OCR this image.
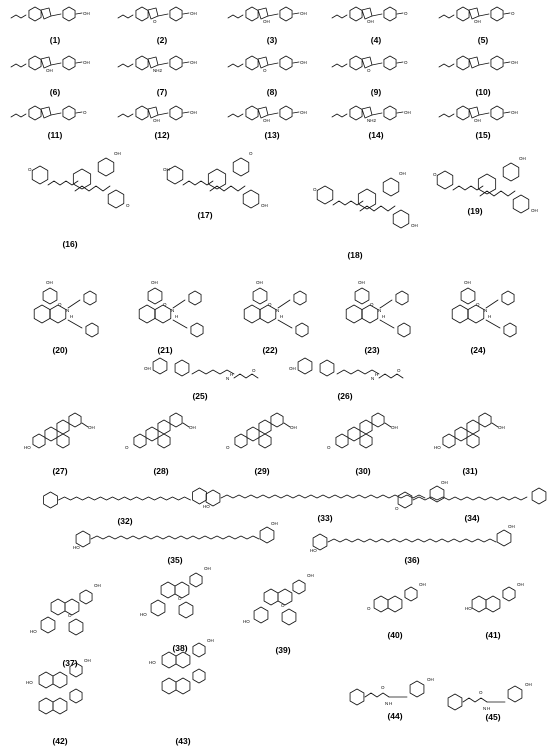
OH
(1)
OH
O
(2)
OH
OH
(3)
O
OH
(4)
O
OH
(5)
OH
OH
(6)
OH
NH2
(7)
OH
O
(8)
O
O
(9)
OH
(10)
O
(11)
OH
OH
(12)
OH
OH
(13)
OH
NH2
(14)
OH
OH
(15)
OH
O
O
(16)
O
OH
OH
(17)
OH
O
OH
(18)
OH
O
OH
(19)
OH
N
H
O
(20)
OH
N
H
O
(21)
OH
N
H
O
(22)
OH
N
H
O
(23)
OH
N
H
O
(24)
OH
N
H
O
(25)
OH
N
H
O
(26)
OH
HO
(27)
OH
O
(28)
OH
O
(29)
OH
O
(30)
OH
HO
(31)
(32)
HO
OH
(33)
O
(34)
HO
OH
(35)
HO
OH
(36)
OH
HO
O
(37)
OH
HO
O
(38)
OH
HO
O
(39)
OH
O
(40)
OH
HO
(41)
OH
HO
(42)
OH
HO
(43)
OH
O
N H
(44)
OH
O
N H
(45)
